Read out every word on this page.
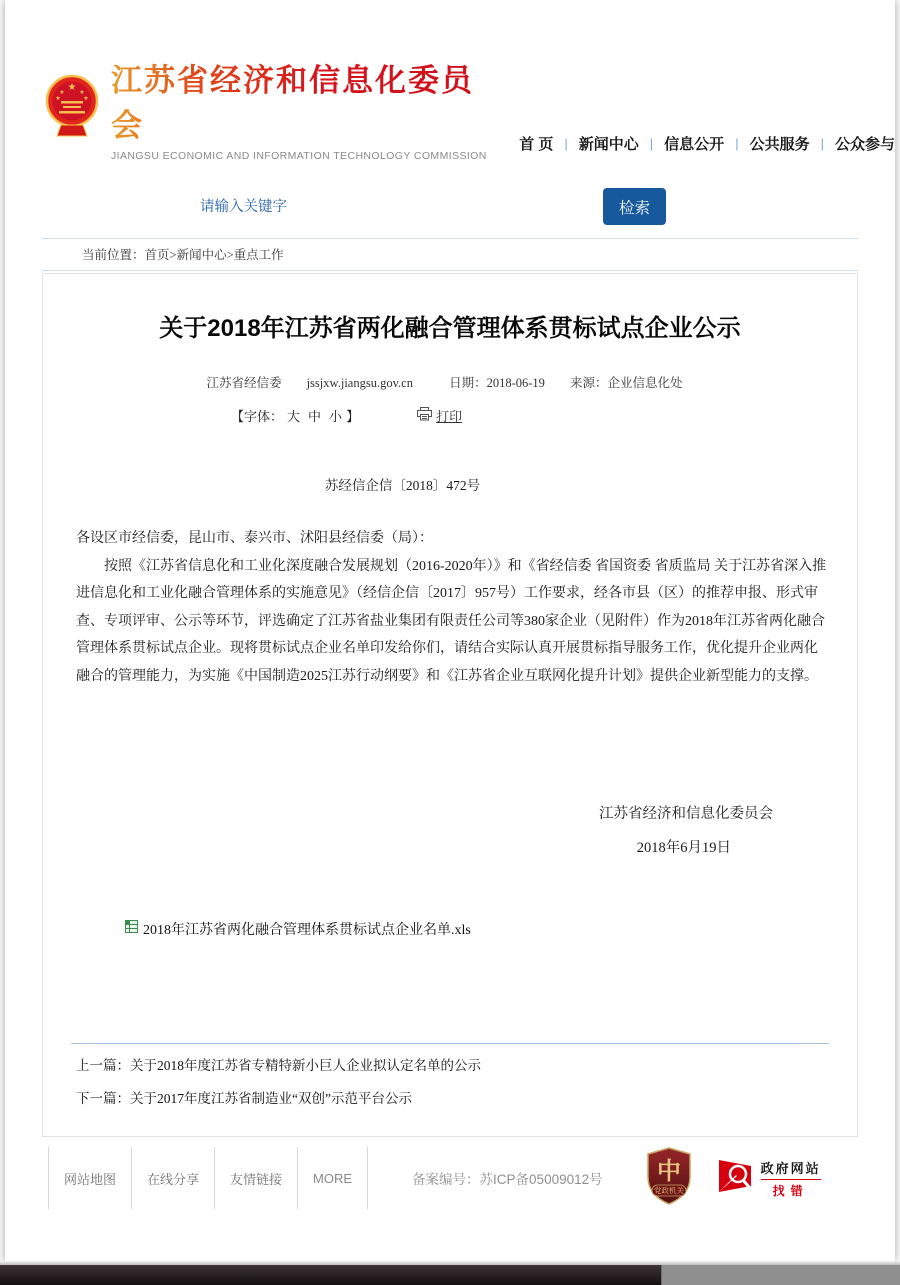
★
★ ★
★	★
江苏省经济和信息化委员会
JIANGSU ECONOMIC AND INFORMATION TECHNOLOGY COMMISSION
首 页 | 新闻中心 | 信息公开 | 公共服务 | 公众参与
请输入关键字
检索
当前位置：首页>新闻中心>重点工作
关于2018年江苏省两化融合管理体系贯标试点企业公示
江苏省经信委 jssjxw.jiangsu.gov.cn	日期：2018-06-19 来源：企业信息化处
【字体： 大 中 小 】	打印
苏经信企信〔2018〕472号

各设区市经信委，昆山市、泰兴市、沭阳县经信委（局）：

按照《江苏省信息化和工业化深度融合发展规划（2016-2020年）》和《省经信委 省国资委 省质监局 关于江苏省深入推进信息化和工业化融合管理体系的实施意见》（经信企信〔2017〕957号）工作要求，经各市县（区）的推荐申报、形式审查、专项评审、公示等环节，评选确定了江苏省盐业集团有限责任公司等380家企业（见附件）作为2018年江苏省两化融合管理体系贯标试点企业。现将贯标试点企业名单印发给你们，请结合实际认真开展贯标指导服务工作，优化提升企业两化融合的管理能力，为实施《中国制造2025江苏行动纲要》和《江苏省企业互联网化提升计划》提供企业新型能力的支撑。

江苏省经济和信息化委员会
2018年6月19日
2018年江苏省两化融合管理体系贯标试点企业名单.xls
上一篇：关于2018年度江苏省专精特新小巨人企业拟认定名单的公示
下一篇：关于2017年度江苏省制造业“双创”示范平台公示
网站地图	在线分享	友情链接	MORE	备案编号：苏ICP备05009012号 中
党政机关
政府网站
找错
